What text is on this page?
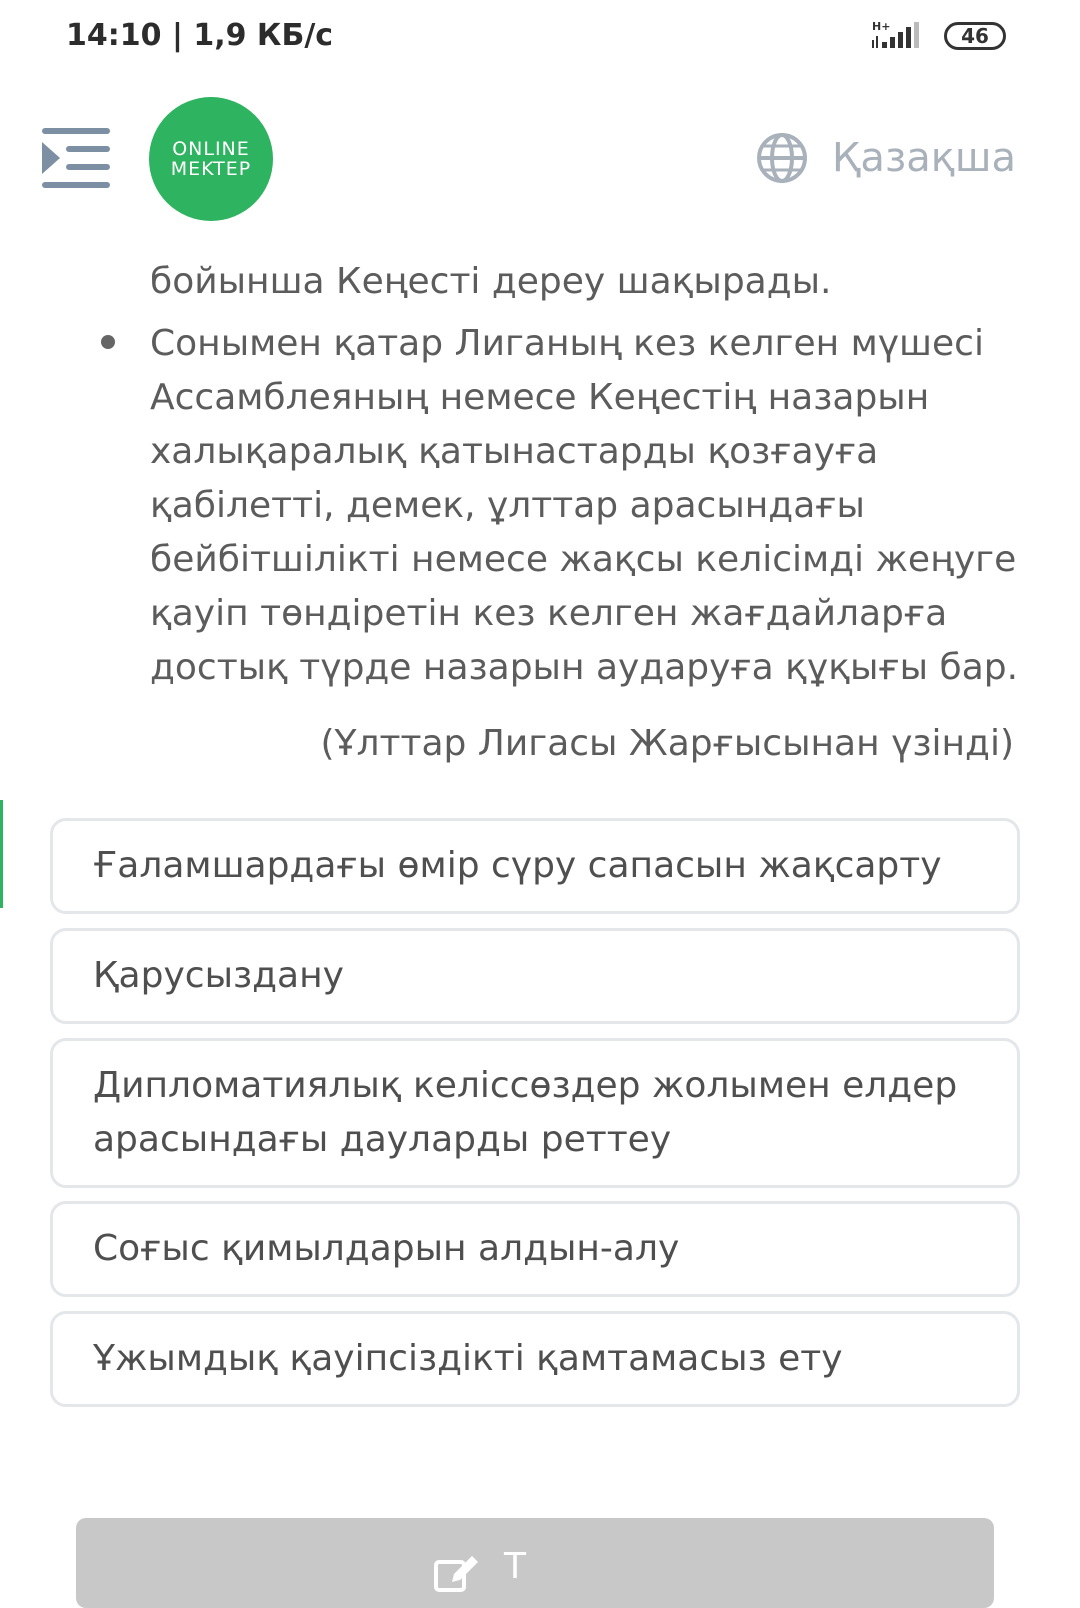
14:10 | 1,9 КБ/с	H+	46
ONLINE
MEKTEP	Қазақша
бойынша Кеңесті дереу шақырады.
Сонымен қатар Лиганың кез келген мүшесі Ассамблеяның немесе Кеңестің назарын халықаралық қатынастарды қозғауға қабілетті, демек, ұлттар арасындағы бейбітшілікті немесе жақсы келісімді жеңуге қауіп төндіретін кез келген жағдайларға достық түрде назарын аударуға құқығы бар.
(Ұлттар Лигасы Жарғысынан үзінді)
Ғаламшардағы өмір сүру сапасын жақсарту
Қарусыздану
Дипломатиялық келіссөздер жолымен елдер арасындағы дауларды реттеу
Соғыс қимылдарын алдын-алу
Ұжымдық қауіпсіздікті қамтамасыз ету
Т
